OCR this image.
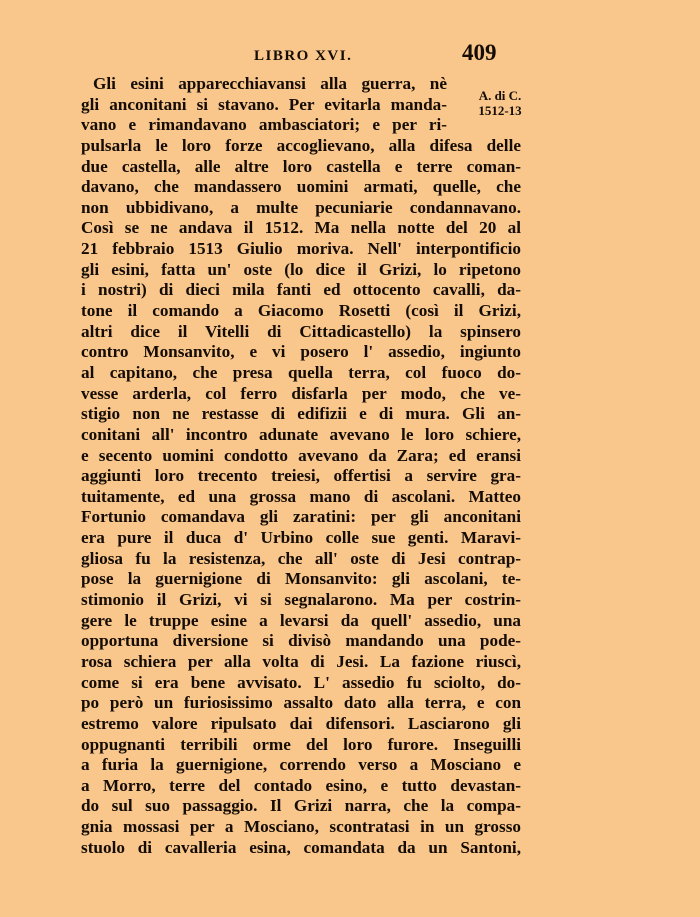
LIBRO XVI.	409
A. di C.
1512-13
Gli esini apparecchiavansi alla guerra, nè
gli anconitani si stavano. Per evitarla manda-
vano e rimandavano ambasciatori; e per ri-
pulsarla le loro forze accoglievano, alla difesa delle
due castella, alle altre loro castella e terre coman-
davano, che mandassero uomini armati, quelle, che
non ubbidivano, a multe pecuniarie condannavano.
Così se ne andava il 1512. Ma nella notte del 20 al
21 febbraio 1513 Giulio moriva. Nell' interpontificio
gli esini, fatta un' oste (lo dice il Grizi, lo ripetono
i nostri) di dieci mila fanti ed ottocento cavalli, da-
tone il comando a Giacomo Rosetti (così il Grizi,
altri dice il Vitelli di Cittadicastello) la spinsero
contro Monsanvito, e vi posero l' assedio, ingiunto
al capitano, che presa quella terra, col fuoco do-
vesse arderla, col ferro disfarla per modo, che ve-
stigio non ne restasse di edifizii e di mura. Gli an-
conitani all' incontro adunate avevano le loro schiere,
e secento uomini condotto avevano da Zara; ed eransi
aggiunti loro trecento treiesi, offertisi a servire gra-
tuitamente, ed una grossa mano di ascolani. Matteo
Fortunio comandava gli zaratini: per gli anconitani
era pure il duca d' Urbino colle sue genti. Maravi-
gliosa fu la resistenza, che all' oste di Jesi contrap-
pose la guernigione di Monsanvito: gli ascolani, te-
stimonio il Grizi, vi si segnalarono. Ma per costrin-
gere le truppe esine a levarsi da quell' assedio, una
opportuna diversione si divisò mandando una pode-
rosa schiera per alla volta di Jesi. La fazione riuscì,
come si era bene avvisato. L' assedio fu sciolto, do-
po però un furiosissimo assalto dato alla terra, e con
estremo valore ripulsato dai difensori. Lasciarono gli
oppugnanti terribili orme del loro furore. Inseguilli
a furia la guernigione, correndo verso a Mosciano e
a Morro, terre del contado esino, e tutto devastan-
do sul suo passaggio. Il Grizi narra, che la compa-
gnia mossasi per a Mosciano, scontratasi in un grosso
stuolo di cavalleria esina, comandata da un Santoni,
